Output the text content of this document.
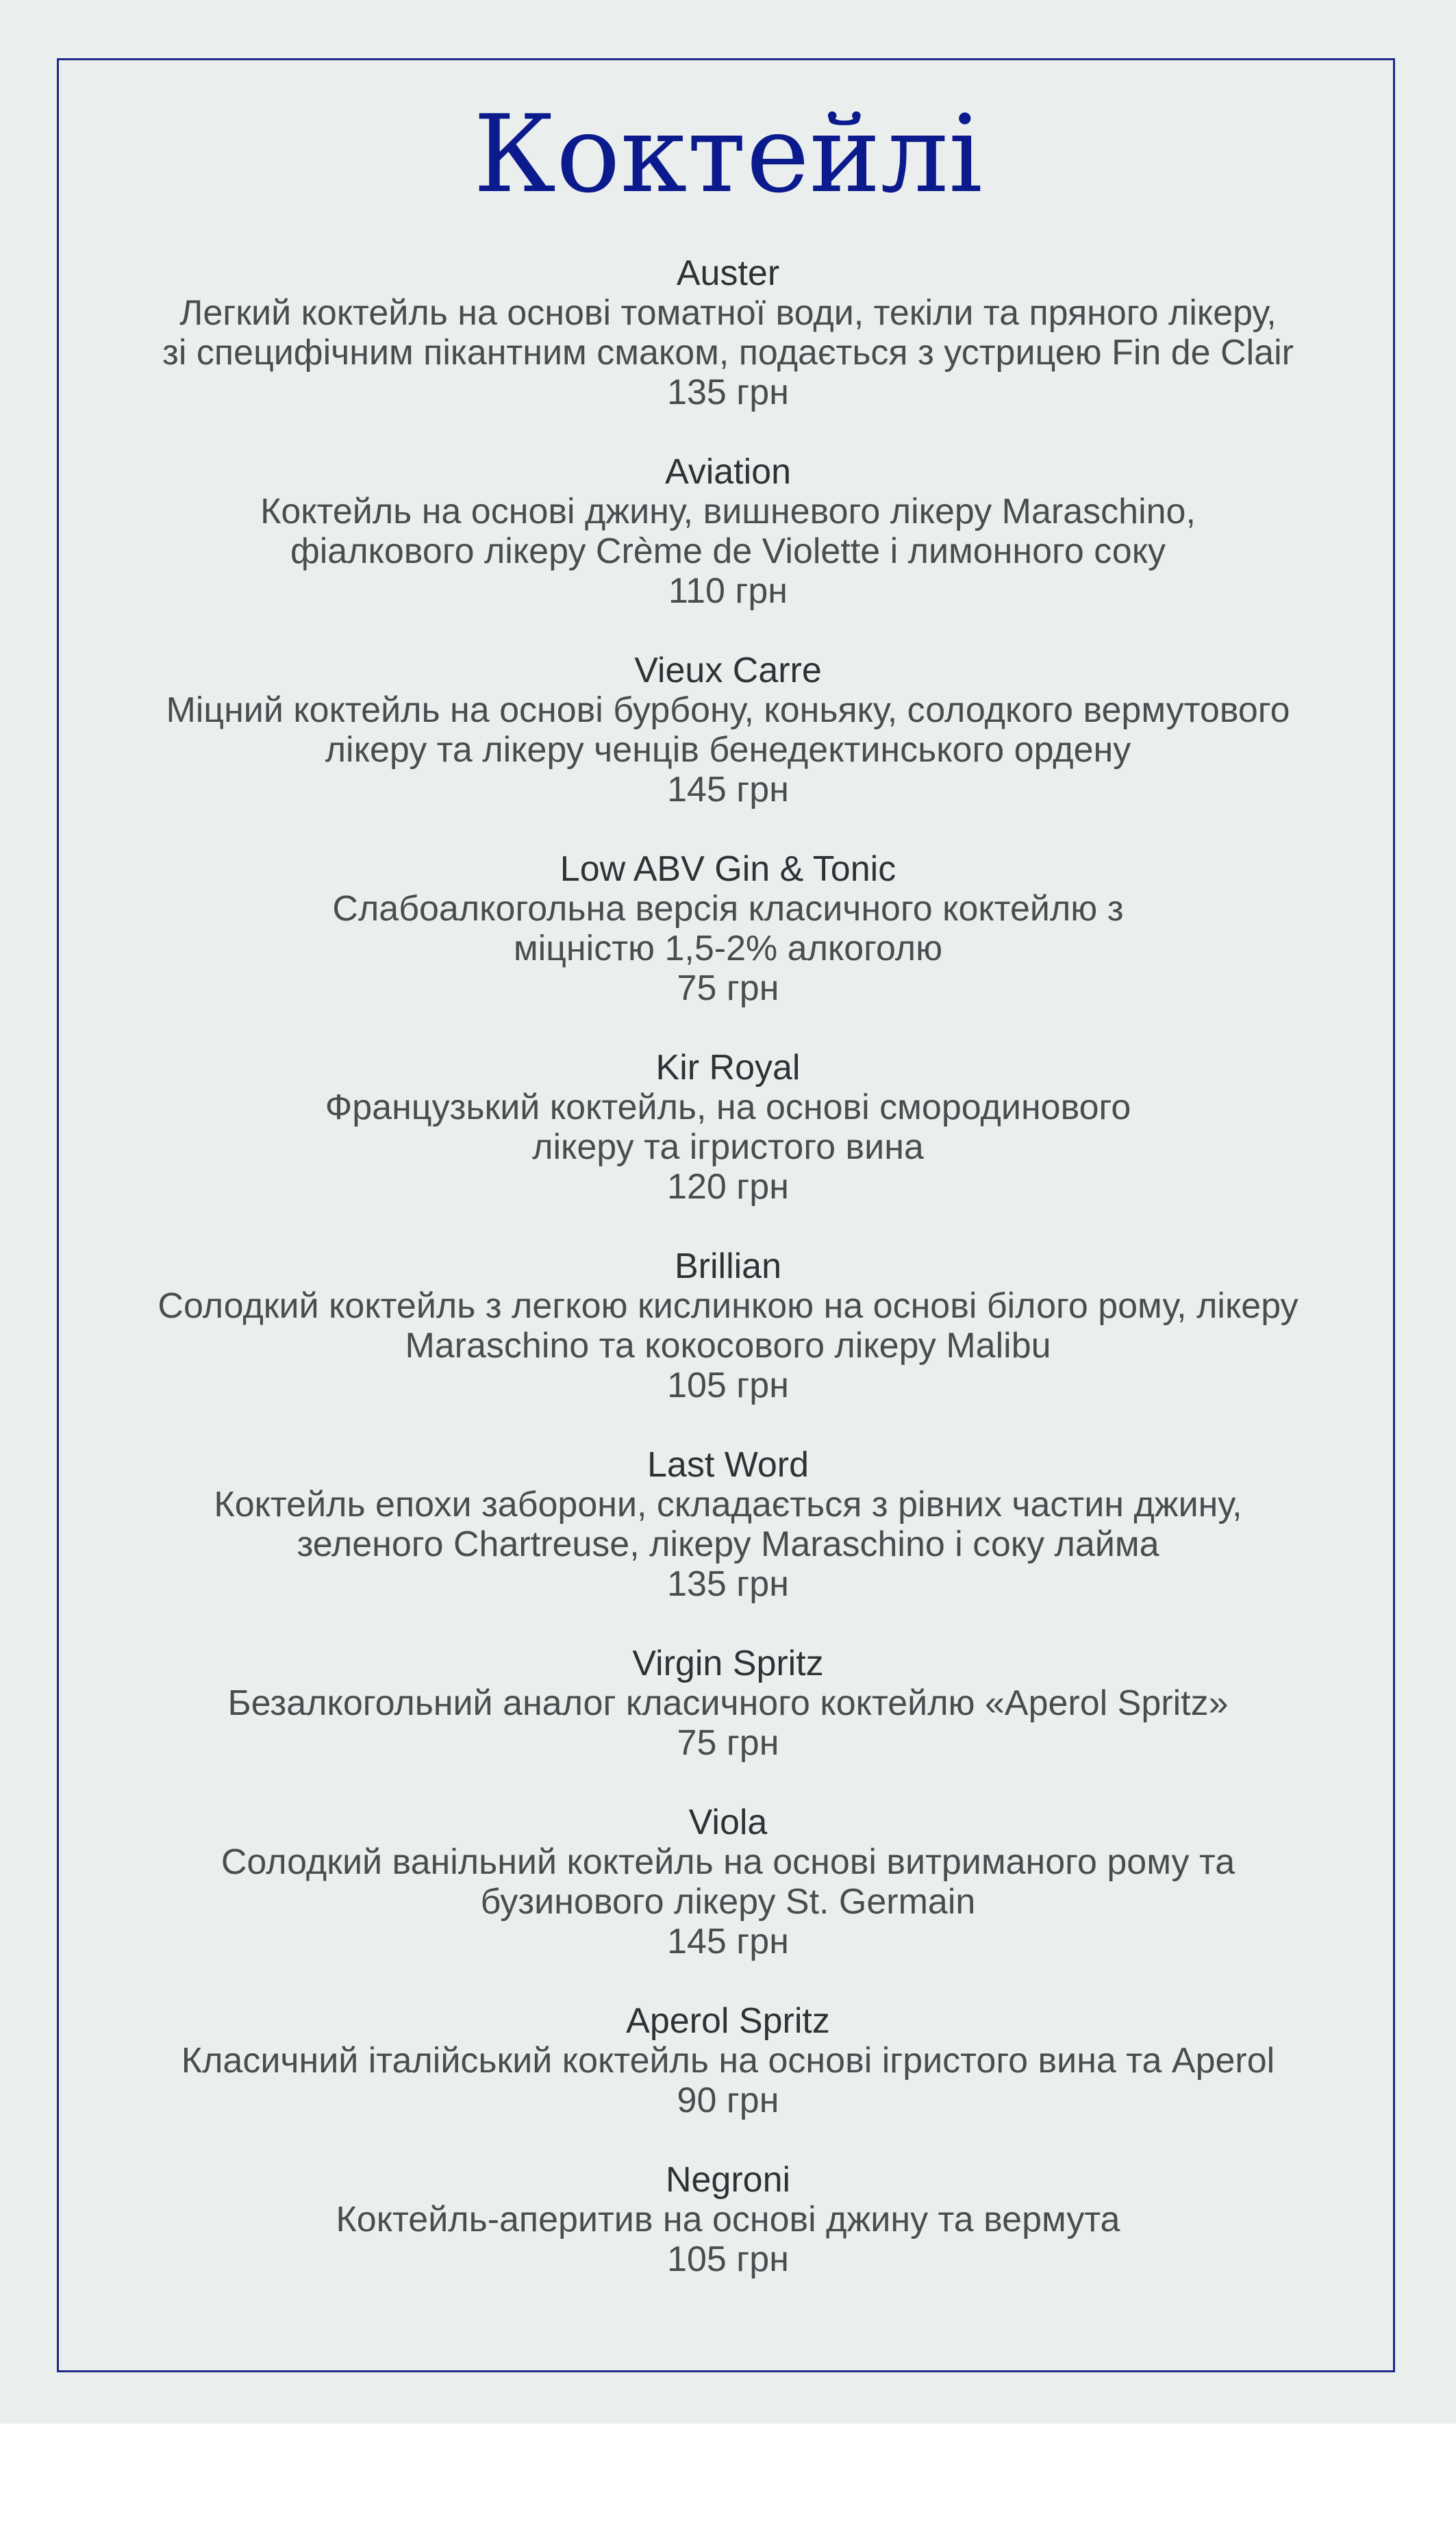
Коктейлі
Auster
Легкий коктейль на основі томатної води, текіли та пряного лікеру,
зі специфічним пікантним смаком, подається з устрицею Fin de Clair
135 грн
Aviation
Коктейль на основі джину, вишневого лікеру Maraschino,
фіалкового лікеру Crème de Violette і лимонного соку
110 грн
Vieux Carre
Міцний коктейль на основі бурбону, коньяку, солодкого вермутового
лікеру та лікеру ченців бенедектинського ордену
145 грн
Low ABV Gin & Tonic
Слабоалкогольна версія класичного коктейлю з
міцністю 1,5-2% алкоголю
75 грн
Kir Royal
Французький коктейль, на основі смородинового
лікеру та ігристого вина
120 грн
Brillian
Солодкий коктейль з легкою кислинкою на основі білого рому, лікеру
Maraschino та кокосового лікеру Malibu
105 грн
Last Word
Коктейль епохи заборони, складається з рівних частин джину,
зеленого Chartreuse, лікеру Maraschino і соку лайма
135 грн
Virgin Spritz
Безалкогольний аналог класичного коктейлю «Aperol Spritz»
75 грн
Viola
Солодкий ванільний коктейль на основі витриманого рому та
бузинового лікеру St. Germain
145 грн
Aperol Spritz
Класичний італійський коктейль на основі ігристого вина та Aperol
90 грн
Negroni
Коктейль-аперитив на основі джину та вермута
105 грн
